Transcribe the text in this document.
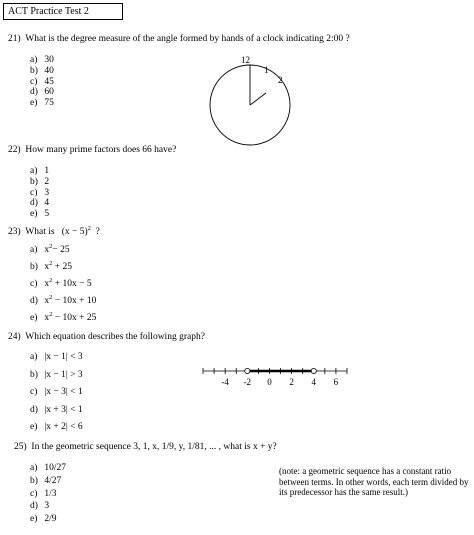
ACT Practice Test 2
21) What is the degree measure of the angle formed by hands of a clock indicating 2:00 ?
a) 30
b) 40
c) 45
d) 60
e) 75
12
1
2
22) How many prime factors does 66 have?
a) 1
b) 2
c) 3
d) 4
e) 5
23) What is $(x - 5)^2$ ?
a) $x^2- 25$
b) $x^2 + 25$
c) $x^2 + 10x - 5$
d) $x^2 - 10x + 10$
e) $x^2 - 10x + 25$
24) Which equation describes the following graph?
a) |x − 1| < 3
b) |x − 1| > 3
c) |x − 3| < 1
d) |x + 3| < 1
e) |x + 2| < 6
-4 -2 0 2 4 6
25) In the geometric sequence 3, 1, x, 1/9, y, 1/81, ... , what is x + y?
a) 10/27
b) 4/27
c) 1/3
d) 3
e) 2/9
(note: a geometric sequence has a constant ratio between terms. In other words, each term divided by its predecessor has the same result.)
